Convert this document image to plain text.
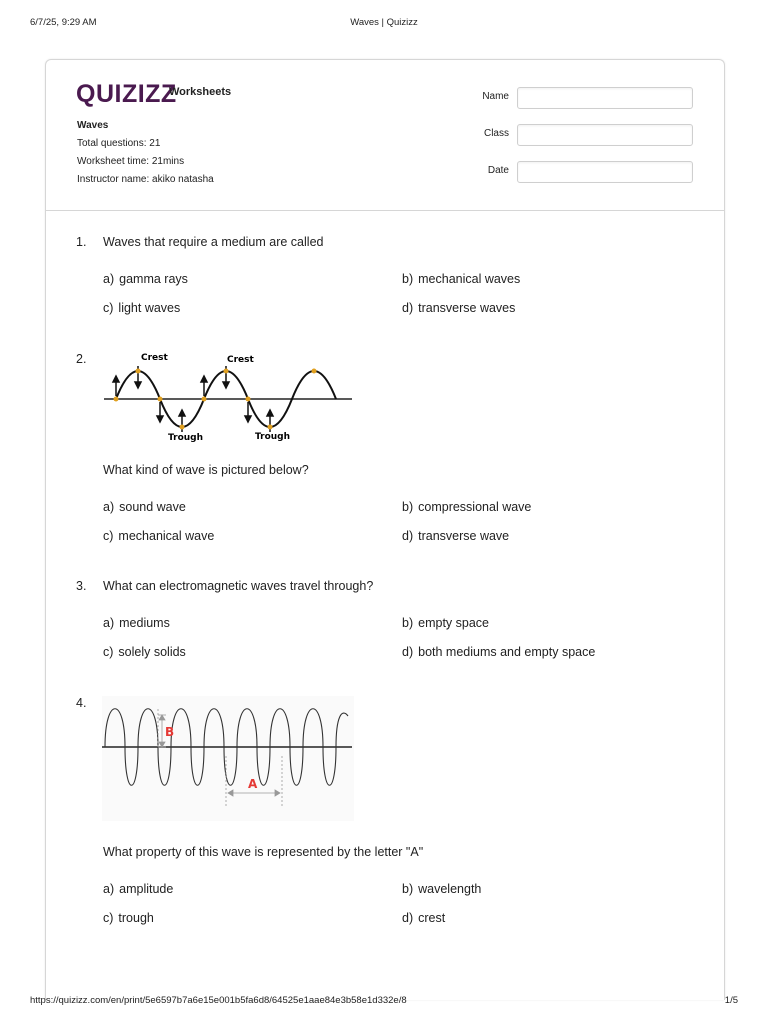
6/7/25, 9:29 AM	Waves | Quizizz
QUIZIZZ
Worksheets
Waves
Total questions: 21
Worksheet time: 21mins
Instructor name: akiko natasha
Name
Class
Date
1. Waves that require a medium are called
a) gamma rays	b) mechanical waves
c) light waves	d) transverse waves
2.	Crest	Crest
Trough	Trough
What kind of wave is pictured below?
a) sound wave	b) compressional wave
c) mechanical wave	d) transverse wave
3. What can electromagnetic waves travel through?
a) mediums	b) empty space
c) solely solids	d) both mediums and empty space
4.
B
A
What property of this wave is represented by the letter "A"
a) amplitude	b) wavelength
c) trough	d) crest
https://quizizz.com/en/print/5e6597b7a6e15e001b5fa6d8/64525e1aae84e3b58e1d332e/8	1/5
